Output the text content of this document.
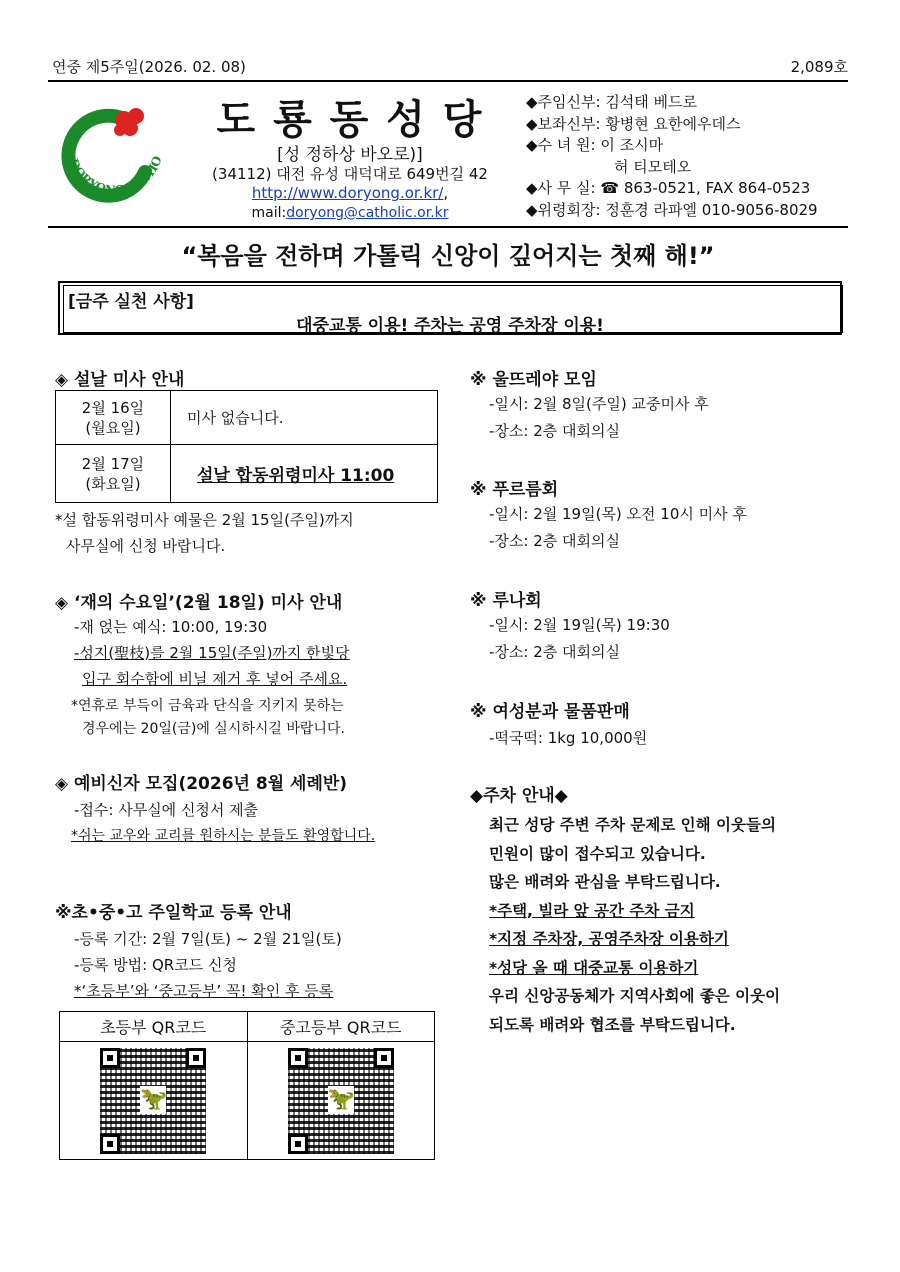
연중 제5주일(2026. 02. 08)	2,089호
DORYONG CATHO
도 룡 동 성 당
[성 정하상 바오로)]
(34112) 대전 유성 대덕대로 649번길 42
http://www.doryong.or.kr/,
mail:doryong@catholic.or.kr
◆주임신부: 김석태 베드로
◆보좌신부: 황병현 요한에우데스
◆수 녀 원: 이 조시마
허 티모테오
◆사 무 실: ☎ 863-0521, FAX 864-0523
◆위령회장: 정훈경 라파엘 010-9056-8029
“복음을 전하며 가톨릭 신앙이 깊어지는 첫째 해!”
[금주 실천 사항]
대중교통 이용! 주차는 공영 주차장 이용!
◈ 설날 미사 안내
2월 16일
(월요일)	미사 없습니다.

2월 17일
(화요일)	설날 합동위령미사 11:00
*설 합동위령미사 예물은 2월 15일(주일)까지
사무실에 신청 바랍니다.
◈ ‘재의 수요일’(2월 18일) 미사 안내
-재 얹는 예식: 10:00, 19:30
-성지(聖枝)를 2월 15일(주일)까지 한빛당
입구 회수함에 비닐 제거 후 넣어 주세요.
*연휴로 부득이 금육과 단식을 지키지 못하는
경우에는 20일(금)에 실시하시길 바랍니다.
◈ 예비신자 모집(2026년 8월 세례반)
-접수: 사무실에 신청서 제출
*쉬는 교우와 교리를 원하시는 분들도 환영합니다.
※초•중•고 주일학교 등록 안내
-등록 기간: 2월 7일(토) ~ 2월 21일(토)
-등록 방법: QR코드 신청
*‘초등부’와 ‘중고등부’ 꼭! 확인 후 등록
초등부 QR코드	중고등부 QR코드

🦖	🦖
※ 울뜨레야 모임
-일시: 2월 8일(주일) 교중미사 후
-장소: 2층 대회의실
※ 푸르름회
-일시: 2월 19일(목) 오전 10시 미사 후
-장소: 2층 대회의실
※ 루나회
-일시: 2월 19일(목) 19:30
-장소: 2층 대회의실
※ 여성분과 물품판매
-떡국떡: 1kg 10,000원
◆주차 안내◆
최근 성당 주변 주차 문제로 인해 이웃들의
민원이 많이 접수되고 있습니다.
많은 배려와 관심을 부탁드립니다.
*주택, 빌라 앞 공간 주차 금지
*지정 주차장, 공영주차장 이용하기
*성당 올 때 대중교통 이용하기
우리 신앙공동체가 지역사회에 좋은 이웃이
되도록 배려와 협조를 부탁드립니다.
